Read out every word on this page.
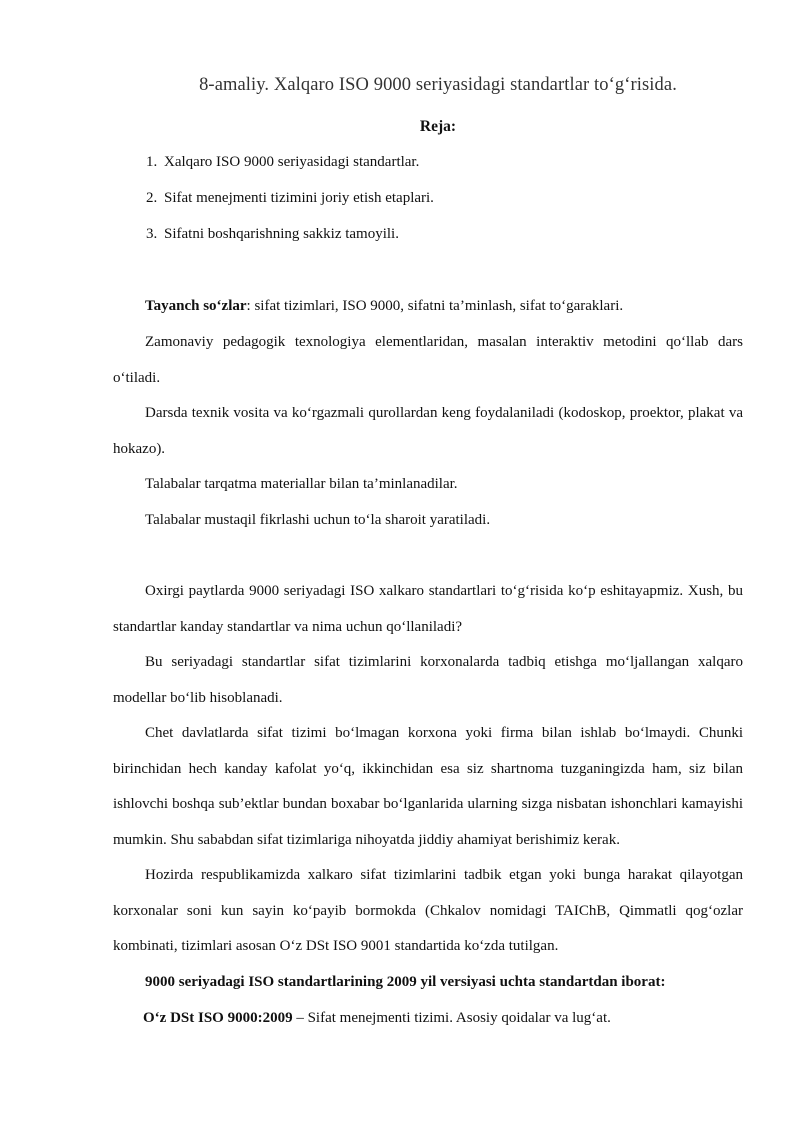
8-amaliy. Xalqaro ISO 9000 seriyasidagi standartlar to‘g‘risida.
Reja:
1. Xalqaro ISO 9000 seriyasidagi standartlar.
2. Sifat menejmenti tizimini joriy etish etaplari.
3. Sifatni boshqarishning sakkiz tamoyili.
Tayanch so‘zlar: sifat tizimlari, ISO 9000, sifatni ta’minlash, sifat to‘garaklari.
Zamonaviy pedagogik texnologiya elementlaridan, masalan interaktiv metodini qo‘llab dars o‘tiladi.
Darsda texnik vosita va ko‘rgazmali qurollardan keng foydalaniladi (kodoskop, proektor, plakat va hokazo).
Talabalar tarqatma materiallar bilan ta’minlanadilar.
Talabalar mustaqil fikrlashi uchun to‘la sharoit yaratiladi.
Oxirgi paytlarda 9000 seriyadagi ISO xalkaro standartlari to‘g‘risida ko‘p eshitayapmiz. Xush, bu standartlar kanday standartlar va nima uchun qo‘llaniladi?
Bu seriyadagi standartlar sifat tizimlarini korxonalarda tadbiq etishga mo‘ljallangan xalqaro modellar bo‘lib hisoblanadi.
Chet davlatlarda sifat tizimi bo‘lmagan korxona yoki firma bilan ishlab bo‘lmaydi. Chunki birinchidan hech kanday kafolat yo‘q, ikkinchidan esa siz shartnoma tuzganingizda ham, siz bilan ishlovchi boshqa sub’ektlar bundan boxabar bo‘lganlarida ularning sizga nisbatan ishonchlari kamayishi mumkin. Shu sababdan sifat tizimlariga nihoyatda jiddiy ahamiyat berishimiz kerak.
Hozirda respublikamizda xalkaro sifat tizimlarini tadbik etgan yoki bunga harakat qilayotgan korxonalar soni kun sayin ko‘payib bormokda (Chkalov nomidagi TAIChB, Qimmatli qog‘ozlar kombinati, tizimlari asosan O‘z DSt ISO 9001 standartida ko‘zda tutilgan.
9000 seriyadagi ISO standartlarining 2009 yil versiyasi uchta standartdan iborat:
O‘z DSt ISO 9000:2009 – Sifat menejmenti tizimi. Asosiy qoidalar va lug‘at.
